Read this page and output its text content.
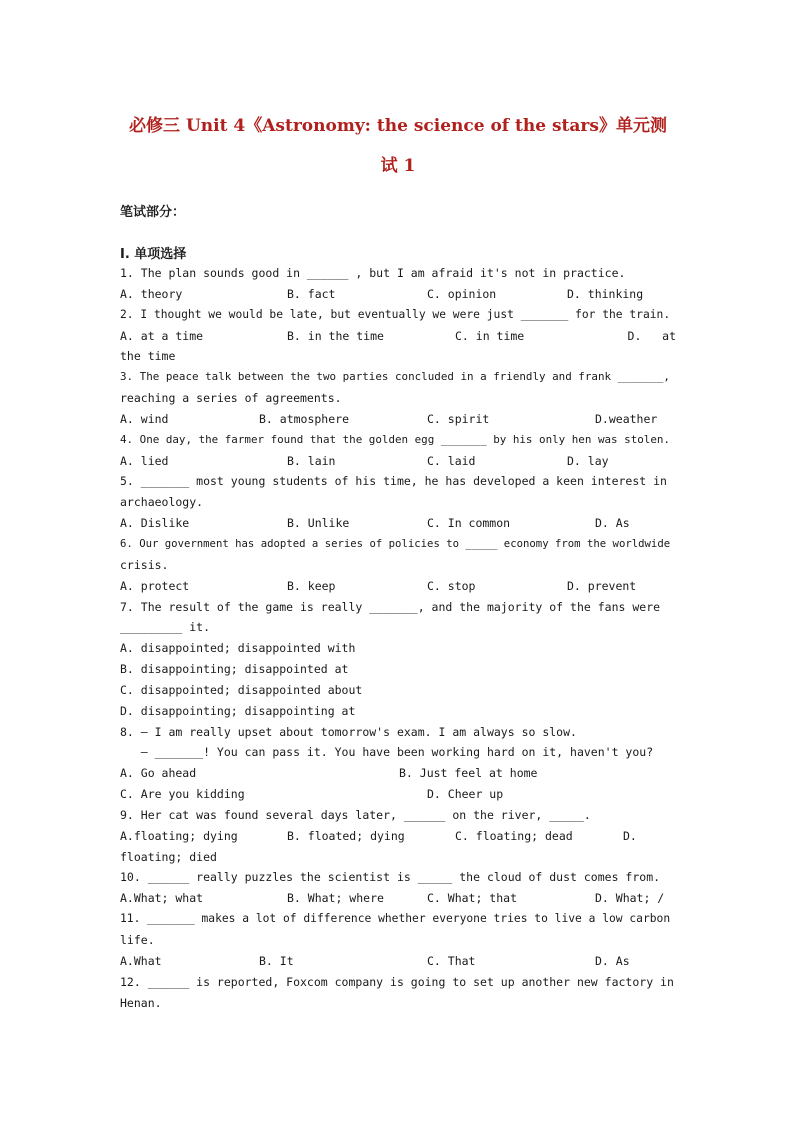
必修三 Unit 4《Astronomy: the science of the stars》单元测
试 1
笔试部分：
I. 单项选择
1. The plan sounds good in ______ , but I am afraid it's not in practice.
A. theory	B. fact	C. opinion	D. thinking
2. I thought we would be late, but eventually we were just _______ for the train.
A. at a time	B. in the time	C. in time	D.   at
the time
3. The peace talk between the two parties concluded in a friendly and frank _______,
reaching a series of agreements.
A. wind	B. atmosphere	C. spirit	D.weather
4. One day, the farmer found that the golden egg _______ by his only hen was stolen.
A. lied	B. lain	C. laid	D. lay
5. _______ most young students of his time, he has developed a keen interest in
archaeology.
A. Dislike	B. Unlike	C. In common	D. As
6. Our government has adopted a series of policies to _____ economy from the worldwide
crisis.
A. protect	B. keep	C. stop	D. prevent
7. The result of the game is really _______, and the majority of the fans were
_________ it.
A. disappointed; disappointed with
B. disappointing; disappointed at
C. disappointed; disappointed about
D. disappointing; disappointing at
8. — I am really upset about tomorrow's exam. I am always so slow.
— _______! You can pass it. You have been working hard on it, haven't you?
A. Go ahead	B. Just feel at home
C. Are you kidding	D. Cheer up
9. Her cat was found several days later, ______ on the river, _____.
A.floating; dying	B. floated; dying	C. floating; dead	D.
floating; died
10. ______ really puzzles the scientist is _____ the cloud of dust comes from.
A.What; what	B. What; where	C. What; that	D. What; /
11. _______ makes a lot of difference whether everyone tries to live a low carbon
life.
A.What	B. It	C. That	D. As
12. ______ is reported, Foxcom company is going to set up another new factory in
Henan.
